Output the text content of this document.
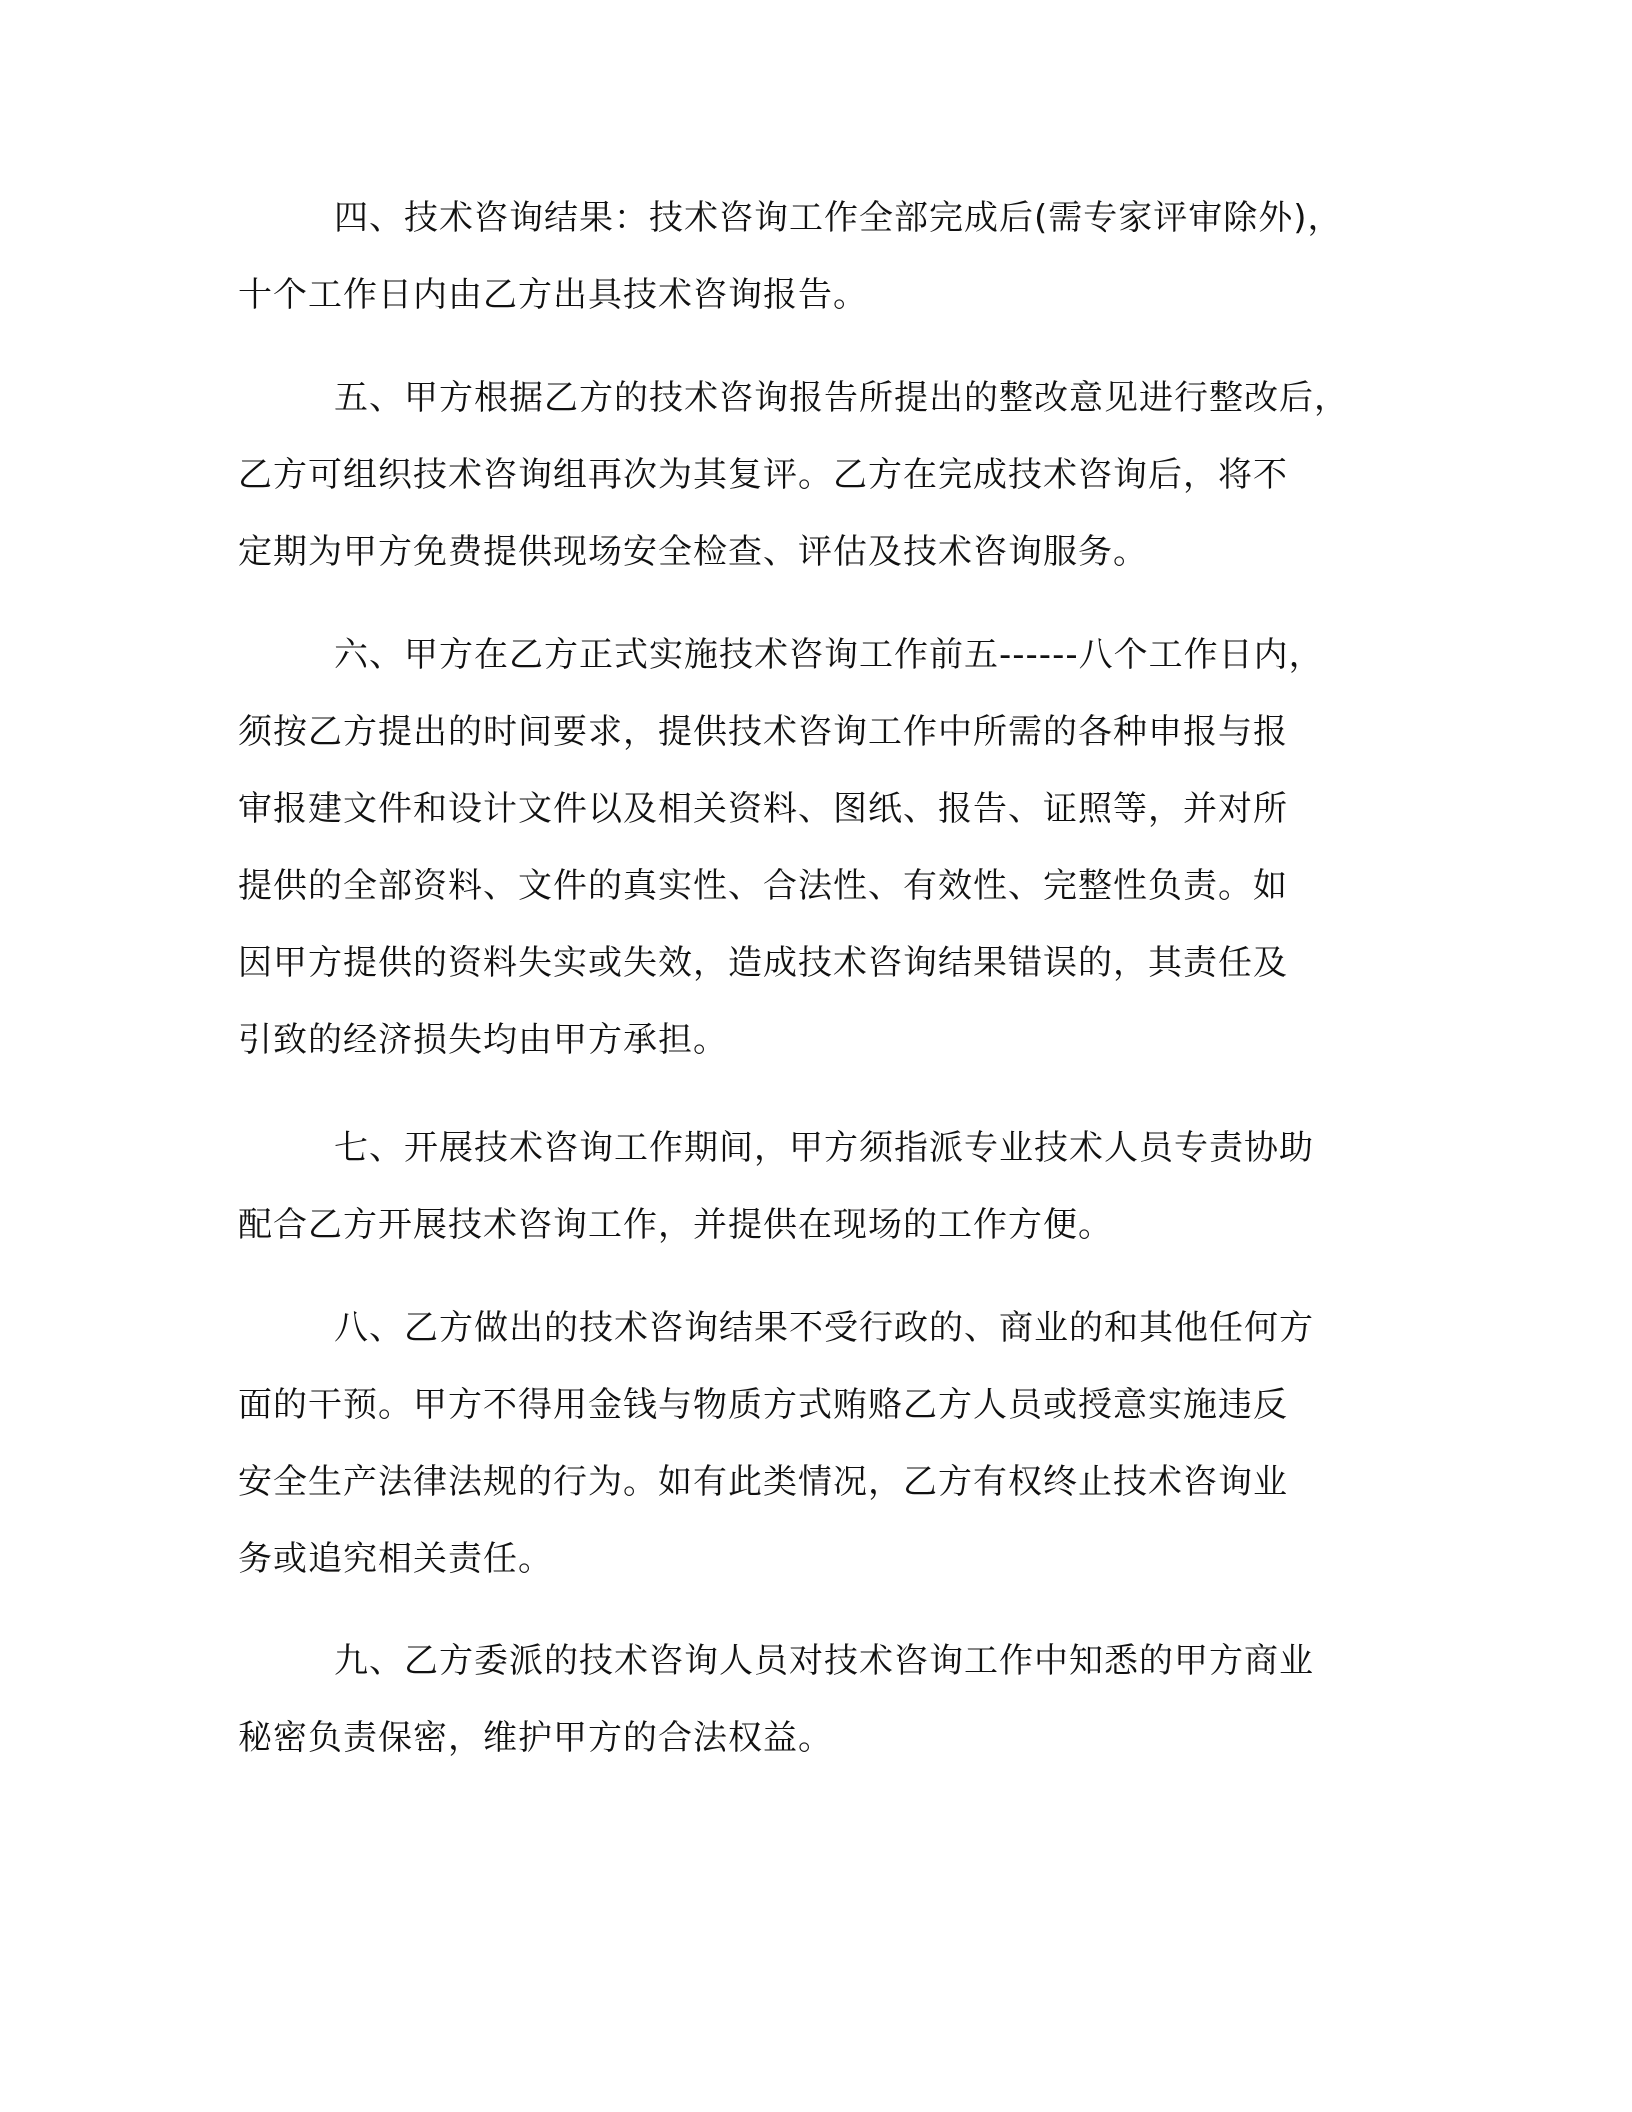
四、技术咨询结果：技术咨询工作全部完成后(需专家评审除外)，
十个工作日内由乙方出具技术咨询报告。
五、甲方根据乙方的技术咨询报告所提出的整改意见进行整改后，
乙方可组织技术咨询组再次为其复评。乙方在完成技术咨询后，将不
定期为甲方免费提供现场安全检查、评估及技术咨询服务。
六、甲方在乙方正式实施技术咨询工作前五------八个工作日内，
须按乙方提出的时间要求，提供技术咨询工作中所需的各种申报与报
审报建文件和设计文件以及相关资料、图纸、报告、证照等，并对所
提供的全部资料、文件的真实性、合法性、有效性、完整性负责。如
因甲方提供的资料失实或失效，造成技术咨询结果错误的，其责任及
引致的经济损失均由甲方承担。
七、开展技术咨询工作期间，甲方须指派专业技术人员专责协助
配合乙方开展技术咨询工作，并提供在现场的工作方便。
八、乙方做出的技术咨询结果不受行政的、商业的和其他任何方
面的干预。甲方不得用金钱与物质方式贿赂乙方人员或授意实施违反
安全生产法律法规的行为。如有此类情况，乙方有权终止技术咨询业
务或追究相关责任。
九、乙方委派的技术咨询人员对技术咨询工作中知悉的甲方商业
秘密负责保密，维护甲方的合法权益。
